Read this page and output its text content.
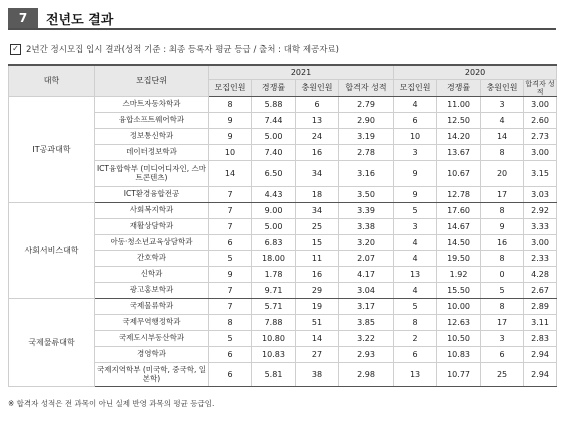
7	전년도 결과
✓ 2년간 정시모집 입시 결과(성적 기준 : 최종 등록자 평균 등급 / 출처 : 대학 제공자료)
대학	모집단위	2021				2020			
		모집인원	경쟁률	충원인원	합격자 성적	모집인원	경쟁률	충원인원	합격자 성적
IT공과대학	스마트자동차학과	8	5.88	6	2.79	4	11.00	3	3.00
	융합소프트웨어학과	9	7.44	13	2.90	6	12.50	4	2.60
	정보통신학과	9	5.00	24	3.19	10	14.20	14	2.73
	데이터정보학과	10	7.40	16	2.78	3	13.67	8	3.00
	ICT융합학부 (미디어디자인, 스마트콘텐츠)	14	6.50	34	3.16	9	10.67	20	3.15
	ICT환경융합전공	7	4.43	18	3.50	9	12.78	17	3.03
사회서비스대학	사회복지학과	7	9.00	34	3.39	5	17.60	8	2.92
	재활상담학과	7	5.00	25	3.38	3	14.67	9	3.33
	아동·청소년교육상담학과	6	6.83	15	3.20	4	14.50	16	3.00
	간호학과	5	18.00	11	2.07	4	19.50	8	2.33
	신학과	9	1.78	16	4.17	13	1.92	0	4.28
	광고홍보학과	7	9.71	29	3.04	4	15.50	5	2.67
국제물류대학	국제물류학과	7	5.71	19	3.17	5	10.00	8	2.89
	국제무역행정학과	8	7.88	51	3.85	8	12.63	17	3.11
	국제도시부동산학과	5	10.80	14	3.22	2	10.50	3	2.83
	경영학과	6	10.83	27	2.93	6	10.83	6	2.94
	국제지역학부 (미국학, 중국학, 일본학)	6	5.81	38	2.98	13	10.77	25	2.94
※ 합격자 성적은 전 과목이 아닌 실제 반영 과목의 평균 등급임.
